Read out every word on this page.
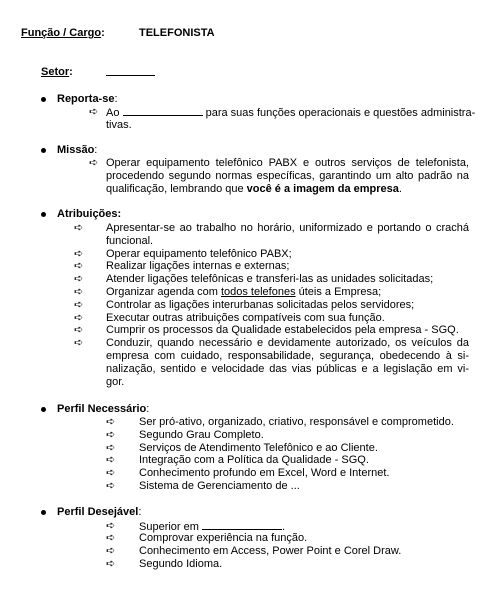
Função / Cargo:	TELEFONISTA
Setor:
Reporta-se:
➪ Ao	para suas funções operacionais e questões administra-
tivas.
Missão:
➪ Operar equipamento telefônico PABX e outros serviços de telefonista,
procedendo segundo normas específicas, garantindo um alto padrão na
qualificação, lembrando que você é a imagem da empresa.
Atribuições:
➪ Apresentar-se ao trabalho no horário, uniformizado e portando o crachá
funcional.
➪ Operar equipamento telefônico PABX;
➪ Realizar ligações internas e externas;
➪ Atender ligações telefônicas e transferi-las as unidades solicitadas;
➪ Organizar agenda com todos telefones úteis a Empresa;
➪ Controlar as ligações interurbanas solicitadas pelos servidores;
➪ Executar outras atribuições compatíveis com sua função.
➪ Cumprir os processos da Qualidade estabelecidos pela empresa - SGQ.
➪ Conduzir, quando necessário e devidamente autorizado, os veículos da
empresa com cuidado, responsabilidade, segurança, obedecendo à si-
nalização, sentido e velocidade das vias públicas e a legislação em vi-
gor.
Perfil Necessário:
➪ Ser pró-ativo, organizado, criativo, responsável e comprometido.
➪ Segundo Grau Completo.
➪ Serviços de Atendimento Telefônico e ao Cliente.
➪ Integração com a Política da Qualidade - SGQ.
➪ Conhecimento profundo em Excel, Word e Internet.
➪ Sistema de Gerenciamento de ...
Perfil Desejável:
➪ Superior em	.
➪ Comprovar experiência na função.
➪ Conhecimento em Access, Power Point e Corel Draw.
➪ Segundo Idioma.
